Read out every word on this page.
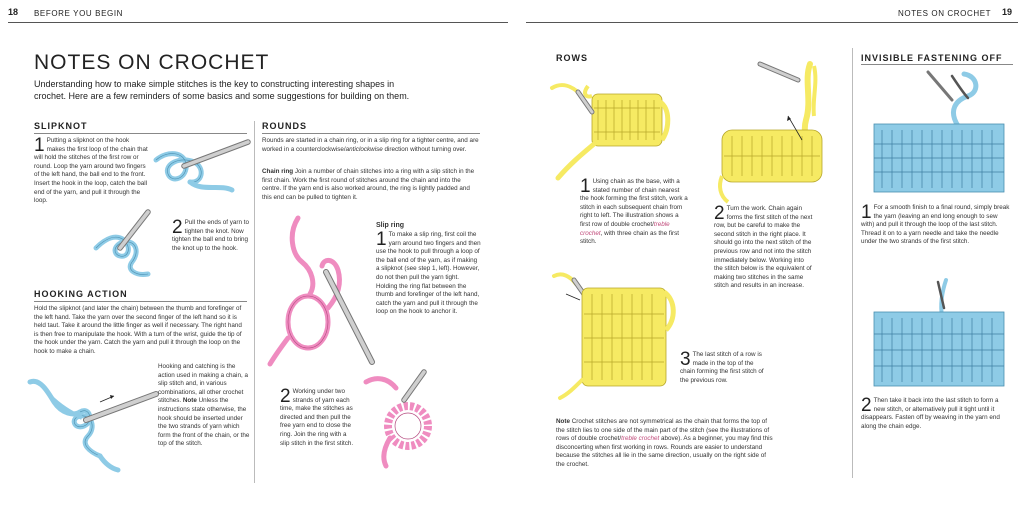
18 BEFORE YOU BEGIN	NOTES ON CROCHET 19
NOTES ON CROCHET
Understanding how to make simple stitches is the key to constructing interesting shapes in crochet. Here are a few reminders of some basics and some suggestions for building on them.
SLIPKNOT
1 Putting a slipknot on the hook makes the first loop of the chain that will hold the stitches of the first row or round. Loop the yarn around two fingers of the left hand, the ball end to the front. Insert the hook in the loop, catch the ball end of the yarn, and pull it through the loop.
2 Pull the ends of yarn to tighten the knot. Now tighten the ball end to bring the knot up to the hook.
HOOKING ACTION
Hold the slipknot (and later the chain) between the thumb and forefinger of the left hand. Take the yarn over the second finger of the left hand so it is held taut. Take it around the little finger as well if necessary. The right hand is then free to manipulate the hook. With a turn of the wrist, guide the tip of the hook under the yarn. Catch the yarn and pull it through the loop on the hook to make a chain.
Hooking and catching is the action used in making a chain, a slip stitch and, in various combinations, all other crochet stitches. Note Unless the instructions state otherwise, the hook should be inserted under the two strands of yarn which form the front of the chain, or the top of the stitch.
ROUNDS
Rounds are started in a chain ring, or in a slip ring for a tighter centre, and are worked in a counterclockwise/anticlockwise direction without turning over.
Chain ring Join a number of chain stitches into a ring with a slip stitch in the first chain. Work the first round of stitches around the chain and into the centre. If the yarn end is also worked around, the ring is lightly padded and this end can be pulled to tighten it.
Slip ring
1 To make a slip ring, first coil the yarn around two fingers and then use the hook to pull through a loop of the ball end of the yarn, as if making a slipknot (see step 1, left). However, do not then pull the yarn tight. Holding the ring flat between the thumb and forefinger of the left hand, catch the yarn and pull it through the loop on the hook to anchor it.
2 Working under two strands of yarn each time, make the stitches as directed and then pull the free yarn end to close the ring. Join the ring with a slip stitch in the first stitch.
ROWS
1 Using chain as the base, with a stated number of chain nearest the hook forming the first stitch, work a stitch in each subsequent chain from right to left. The illustration shows a first row of double crochet/treble crochet, with three chain as the first stitch.
2 Turn the work. Chain again forms the first stitch of the next row, but be careful to make the second stitch in the right place. It should go into the next stitch of the previous row and not into the stitch immediately below. Working into the stitch below is the equivalent of making two stitches in the same stitch and results in an increase.
3 The last stitch of a row is made in the top of the chain forming the first stitch of the previous row.
Note Crochet stitches are not symmetrical as the chain that forms the top of the stitch lies to one side of the main part of the stitch (see the illustrations of rows of double crochet/treble crochet above). As a beginner, you may find this disconcerting when first working in rows. Rounds are easier to understand because the stitches all lie in the same direction, usually on the right side of the crochet.
INVISIBLE FASTENING OFF
1 For a smooth finish to a final round, simply break the yarn (leaving an end long enough to sew with) and pull it through the loop of the last stitch. Thread it on to a yarn needle and take the needle under the two strands of the first stitch.
2 Then take it back into the last stitch to form a new stitch, or alternatively pull it tight until it disappears. Fasten off by weaving in the yarn end along the chain edge.
